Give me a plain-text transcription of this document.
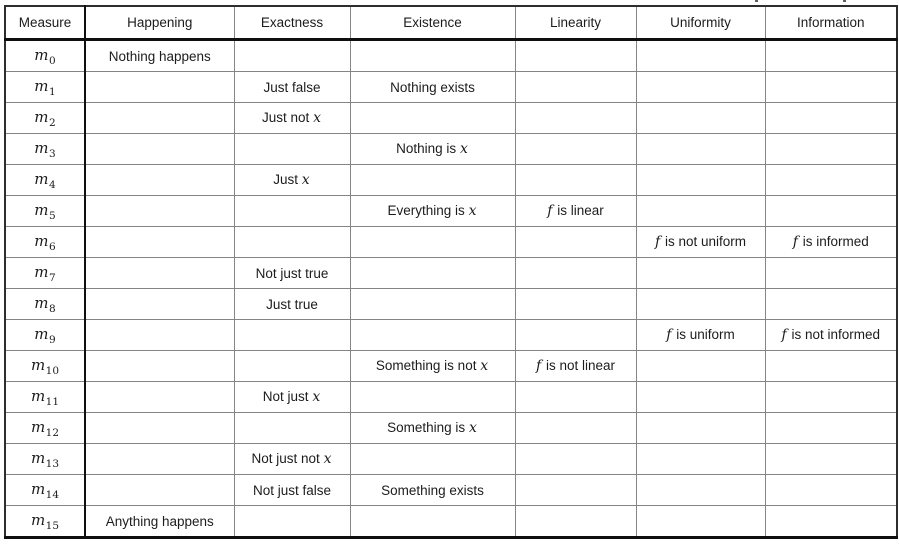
Measure	Happening	Exactness	Existence	Linearity	Uniformity	Information
$m_0$	Nothing happens					
$m_1$		Just false	Nothing exists			
$m_2$		Just not x				
$m_3$			Nothing is x			
$m_4$		Just x				
$m_5$			Everything is x	f is linear		
$m_6$					f is not uniform	f is informed
$m_7$		Not just true				
$m_8$		Just true				
$m_9$					f is uniform	f is not informed
$m_{10}$			Something is not x	f is not linear		
$m_{11}$		Not just x				
$m_{12}$			Something is x			
$m_{13}$		Not just not x				
$m_{14}$		Not just false	Something exists			
$m_{15}$	Anything happens					
